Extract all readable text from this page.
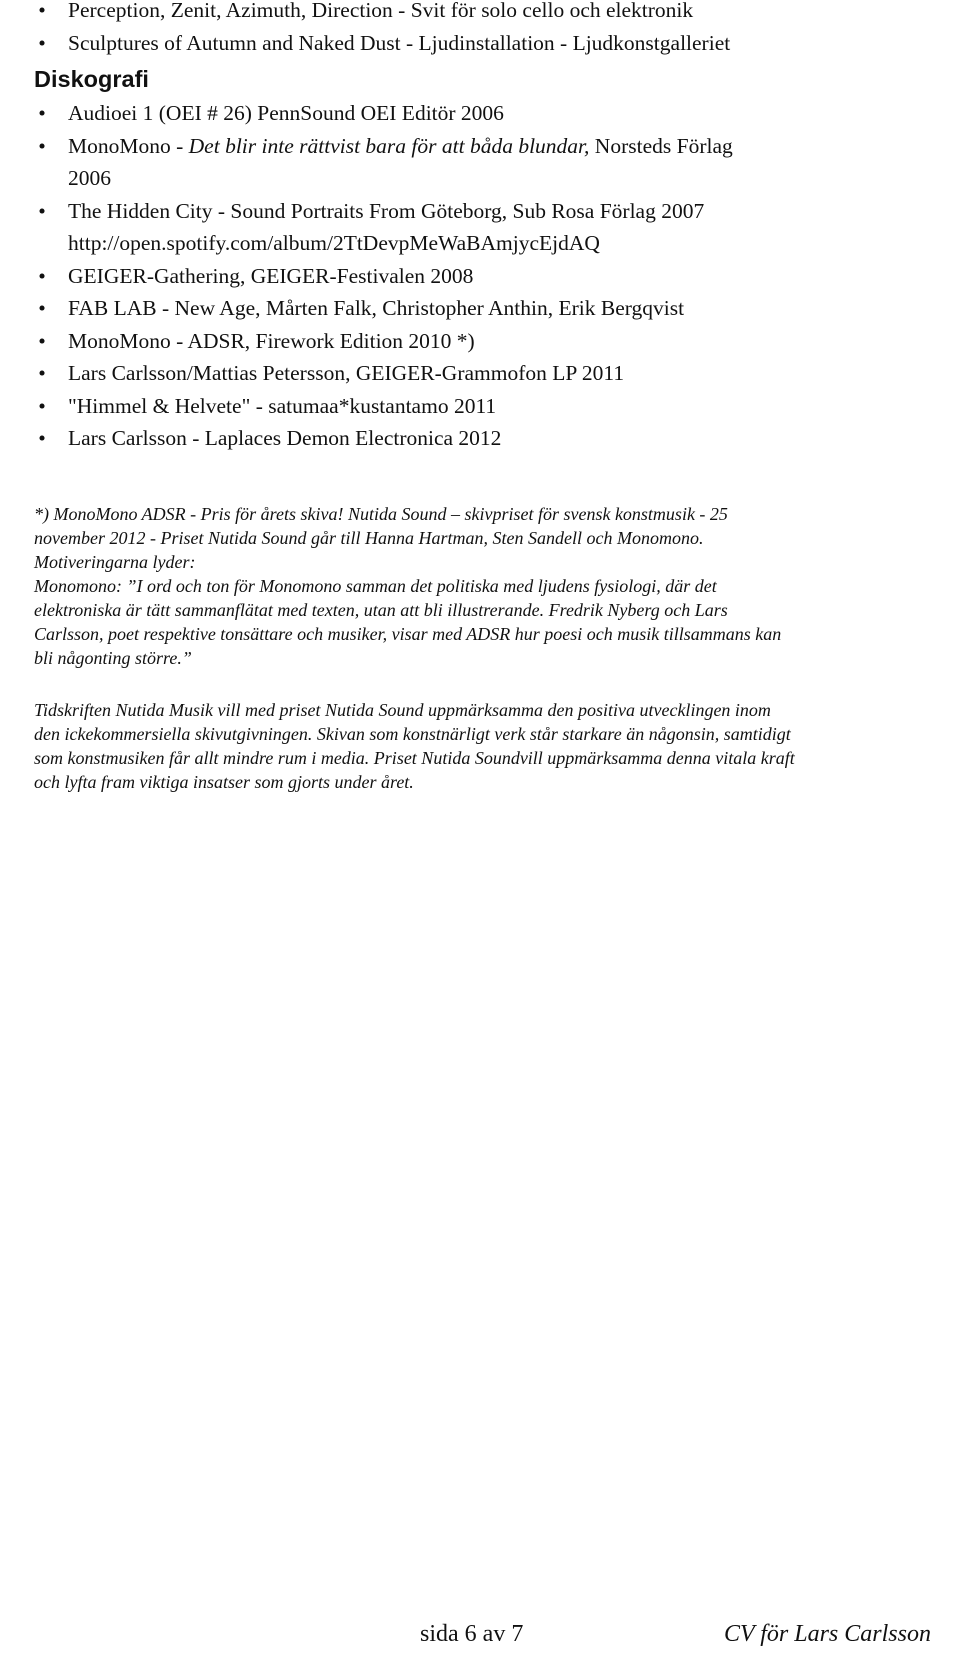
• Perception, Zenit, Azimuth, Direction - Svit för solo cello och elektronik
• Sculptures of Autumn and Naked Dust - Ljudinstallation - Ljudkonstgalleriet
Diskografi
• Audioei 1 (OEI # 26) PennSound OEI Editör 2006
• MonoMono - Det blir inte rättvist bara för att båda blundar, Norsteds Förlag
2006
• The Hidden City - Sound Portraits From Göteborg, Sub Rosa Förlag 2007
http://open.spotify.com/album/2TtDevpMeWaBAmjycEjdAQ
• GEIGER-Gathering, GEIGER-Festivalen 2008
• FAB LAB - New Age, Mårten Falk, Christopher Anthin, Erik Bergqvist
• MonoMono - ADSR, Firework Edition 2010 *)
• Lars Carlsson/Mattias Petersson, GEIGER-Grammofon LP 2011
• "Himmel & Helvete" - satumaa*kustantamo 2011
• Lars Carlsson - Laplaces Demon Electronica 2012

*) MonoMono ADSR - Pris för årets skiva! Nutida Sound – skivpriset för svensk konstmusik - 25

november 2012 - Priset Nutida Sound går till Hanna Hartman, Sten Sandell och Monomono.

Motiveringarna lyder:

Monomono: ”I ord och ton för Monomono samman det politiska med ljudens fysiologi, där det

elektroniska är tätt sammanflätat med texten, utan att bli illustrerande. Fredrik Nyberg och Lars

Carlsson, poet respektive tonsättare och musiker, visar med ADSR hur poesi och musik tillsammans kan

bli någonting större.”

Tidskriften Nutida Musik vill med priset Nutida Sound uppmärksamma den positiva utvecklingen inom

den ickekommersiella skivutgivningen. Skivan som konstnärligt verk står starkare än någonsin, samtidigt

som konstmusiken får allt mindre rum i media. Priset Nutida Soundvill uppmärksamma denna vitala kraft

och lyfta fram viktiga insatser som gjorts under året.

sida 6 av 7	CV för Lars Carlsson
